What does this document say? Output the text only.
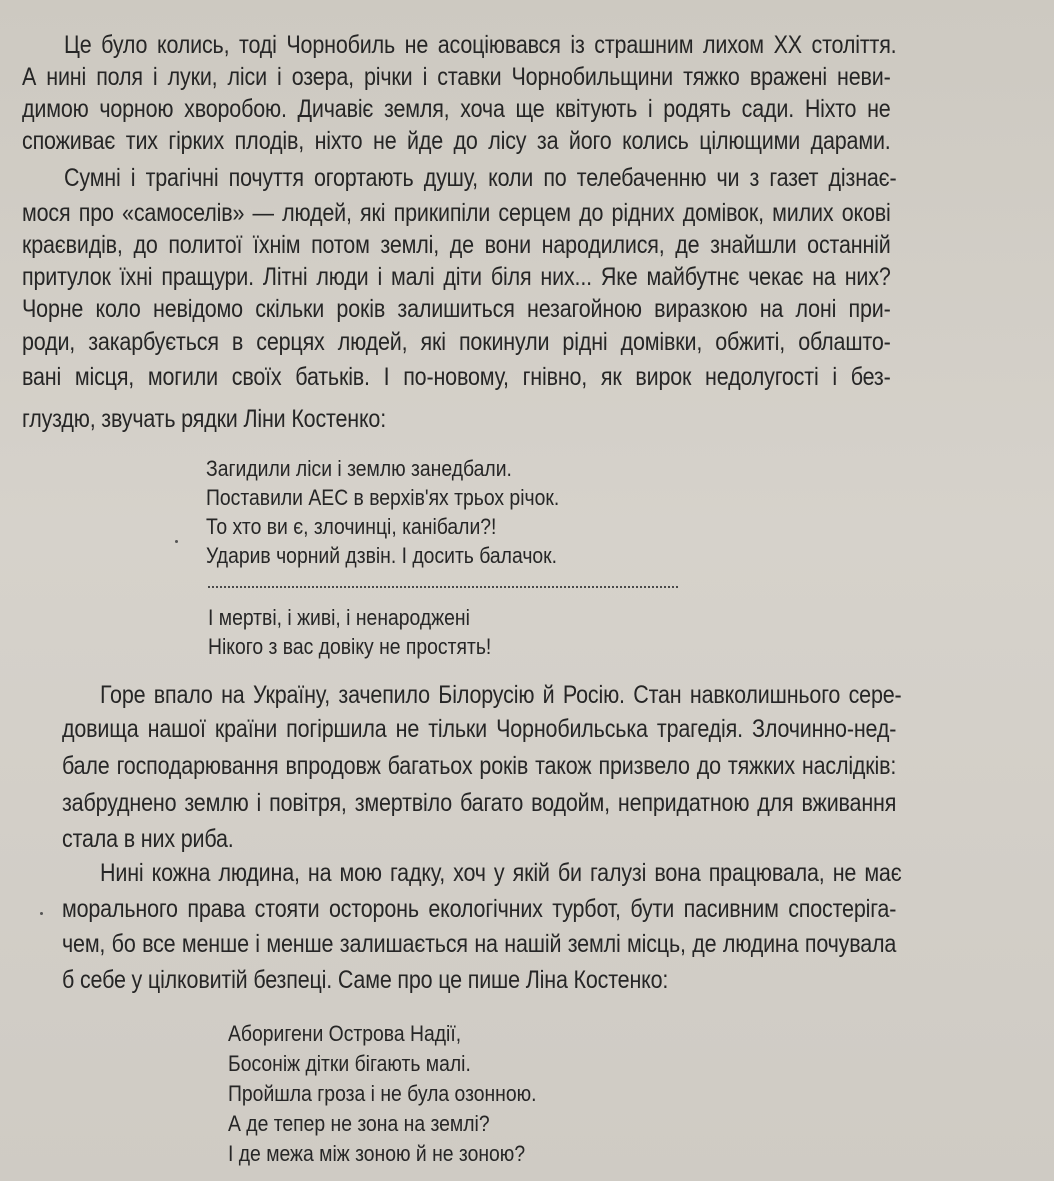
Це було колись, тоді Чорнобиль не асоціювався із страшним лихом ХХ століття.
А нині поля і луки, ліси і озера, річки і ставки Чорнобильщини тяжко вражені неви-
димою чорною хворобою. Дичавіє земля, хоча ще квітують і родять сади. Ніхто не
споживає тих гірких плодів, ніхто не йде до лісу за його колись цілющими дарами.
Сумні і трагічні почуття огортають душу, коли по телебаченню чи з газет дізнає-
мося про «самоселів» — людей, які прикипіли серцем до рідних домівок, милих окові
краєвидів, до политої їхнім потом землі, де вони народилися, де знайшли останній
притулок їхні пращури. Літні люди і малі діти біля них... Яке майбутнє чекає на них?
Чорне коло невідомо скільки років залишиться незагойною виразкою на лоні при-
роди, закарбується в серцях людей, які покинули рідні домівки, обжиті, облашто-
вані місця, могили своїх батьків. І по-новому, гнівно, як вирок недолугості і без-
глуздю, звучать рядки Ліни Костенко:
Загидили ліси і землю занедбали.
Поставили АЕС в верхів'ях трьох річок.
То хто ви є, злочинці, канібали?!
Ударив чорний дзвін. І досить балачок.
І мертві, і живі, і ненароджені
Нікого з вас довіку не простять!
Горе впало на Україну, зачепило Білорусію й Росію. Стан навколишнього сере-
довища нашої країни погіршила не тільки Чорнобильська трагедія. Злочинно-нед-
бале господарювання впродовж багатьох років також призвело до тяжких наслідків:
забруднено землю і повітря, змертвіло багато водойм, непридатною для вживання
стала в них риба.
Нині кожна людина, на мою гадку, хоч у якій би галузі вона працювала, не має
морального права стояти осторонь екологічних турбот, бути пасивним спостеріга-
чем, бо все менше і менше залишається на нашій землі місць, де людина почувала
б себе у цілковитій безпеці. Саме про це пише Ліна Костенко:
Аборигени Острова Надії,
Босоніж дітки бігають малі.
Пройшла гроза і не була озонною.
А де тепер не зона на землі?
І де межа між зоною й не зоною?
